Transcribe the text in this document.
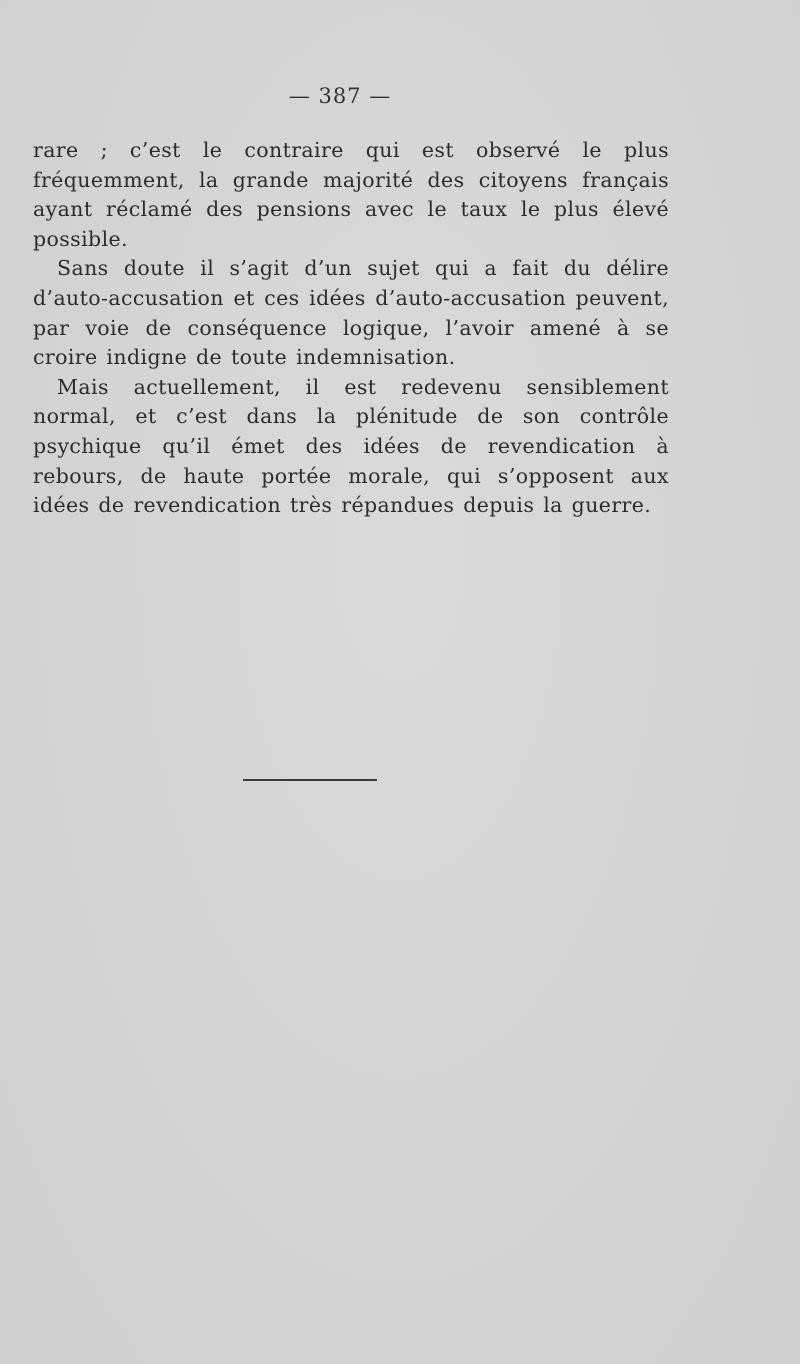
— 387 —

rare ; c’est le contraire qui est observé le plus fréquemment, la grande majorité des citoyens français ayant réclamé des pensions avec le taux le plus élevé possible.

Sans doute il s’agit d’un sujet qui a fait du délire d’auto-accusation et ces idées d’auto-accusation peuvent, par voie de conséquence logique, l’avoir amené à se croire indigne de toute indemnisation.

Mais actuellement, il est redevenu sensiblement normal, et c’est dans la plénitude de son contrôle psychique qu’il émet des idées de revendication à rebours, de haute portée morale, qui s’opposent aux idées de revendication très répandues depuis la guerre.
